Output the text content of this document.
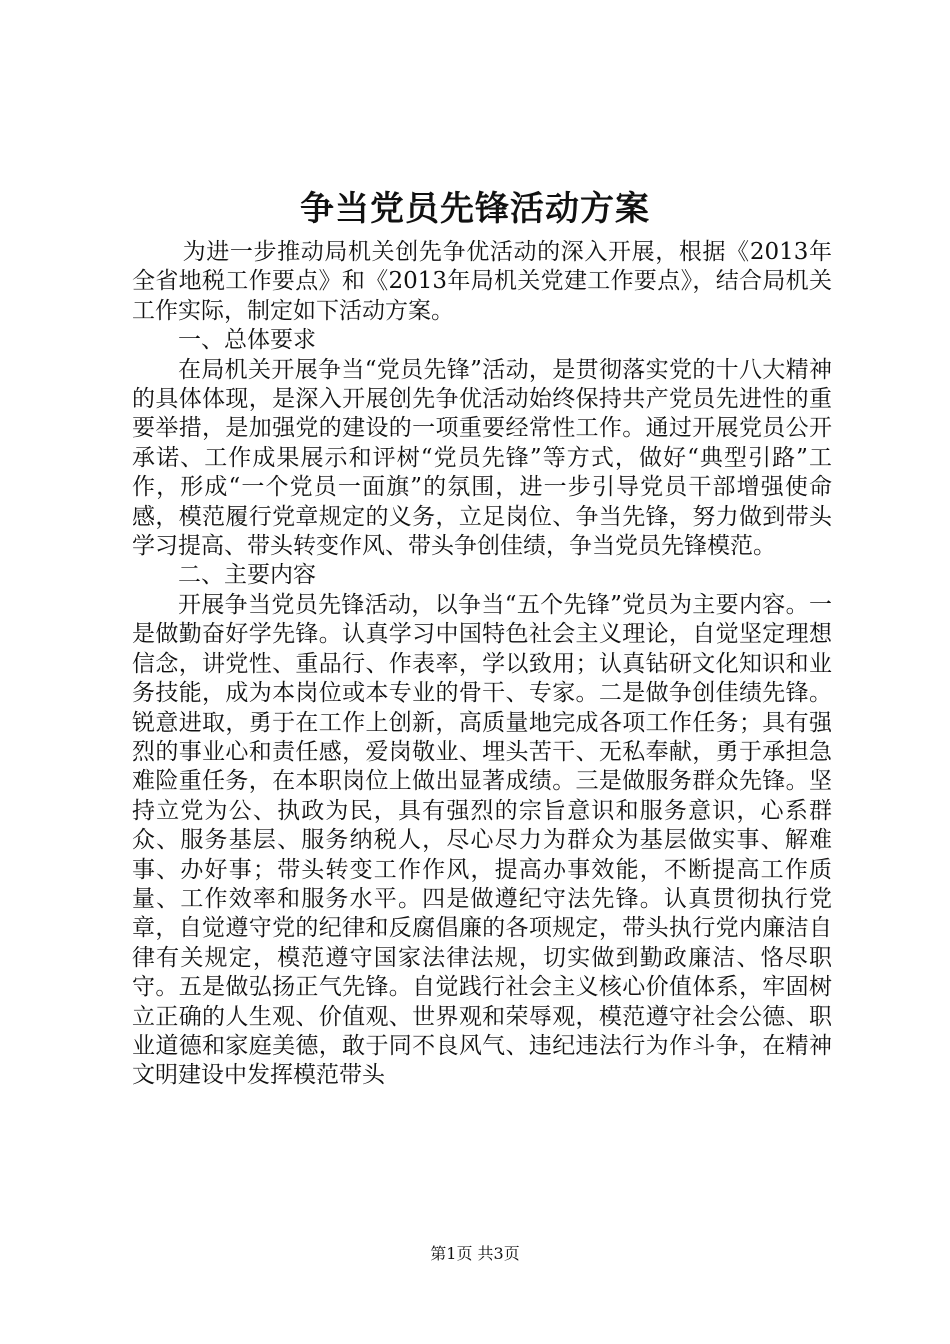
争当党员先锋活动方案

为进一步推动局机关创先争优活动的深入开展，根据《2013年全省地税工作要点》和《2013年局机关党建工作要点》，结合局机关工作实际，制定如下活动方案。

一、总体要求

在局机关开展争当“党员先锋”活动，是贯彻落实党的十八大精神的具体体现，是深入开展创先争优活动始终保持共产党员先进性的重要举措，是加强党的建设的一项重要经常性工作。通过开展党员公开承诺、工作成果展示和评树“党员先锋”等方式，做好“典型引路”工作，形成“一个党员一面旗”的氛围，进一步引导党员干部增强使命感，模范履行党章规定的义务，立足岗位、争当先锋，努力做到带头学习提高、带头转变作风、带头争创佳绩，争当党员先锋模范。

二、主要内容

开展争当党员先锋活动，以争当“五个先锋”党员为主要内容。一是做勤奋好学先锋。认真学习中国特色社会主义理论，自觉坚定理想信念，讲党性、重品行、作表率，学以致用；认真钻研文化知识和业务技能，成为本岗位或本专业的骨干、专家。二是做争创佳绩先锋。锐意进取，勇于在工作上创新，高质量地完成各项工作任务；具有强烈的事业心和责任感，爱岗敬业、埋头苦干、无私奉献，勇于承担急难险重任务，在本职岗位上做出显著成绩。三是做服务群众先锋。坚持立党为公、执政为民，具有强烈的宗旨意识和服务意识，心系群众、服务基层、服务纳税人，尽心尽力为群众为基层做实事、解难事、办好事；带头转变工作作风，提高办事效能，不断提高工作质量、工作效率和服务水平。四是做遵纪守法先锋。认真贯彻执行党章，自觉遵守党的纪律和反腐倡廉的各项规定，带头执行党内廉洁自律有关规定，模范遵守国家法律法规，切实做到勤政廉洁、恪尽职守。五是做弘扬正气先锋。自觉践行社会主义核心价值体系，牢固树立正确的人生观、价值观、世界观和荣辱观，模范遵守社会公德、职业道德和家庭美德，敢于同不良风气、违纪违法行为作斗争，在精神文明建设中发挥模范带头

第1页 共3页
